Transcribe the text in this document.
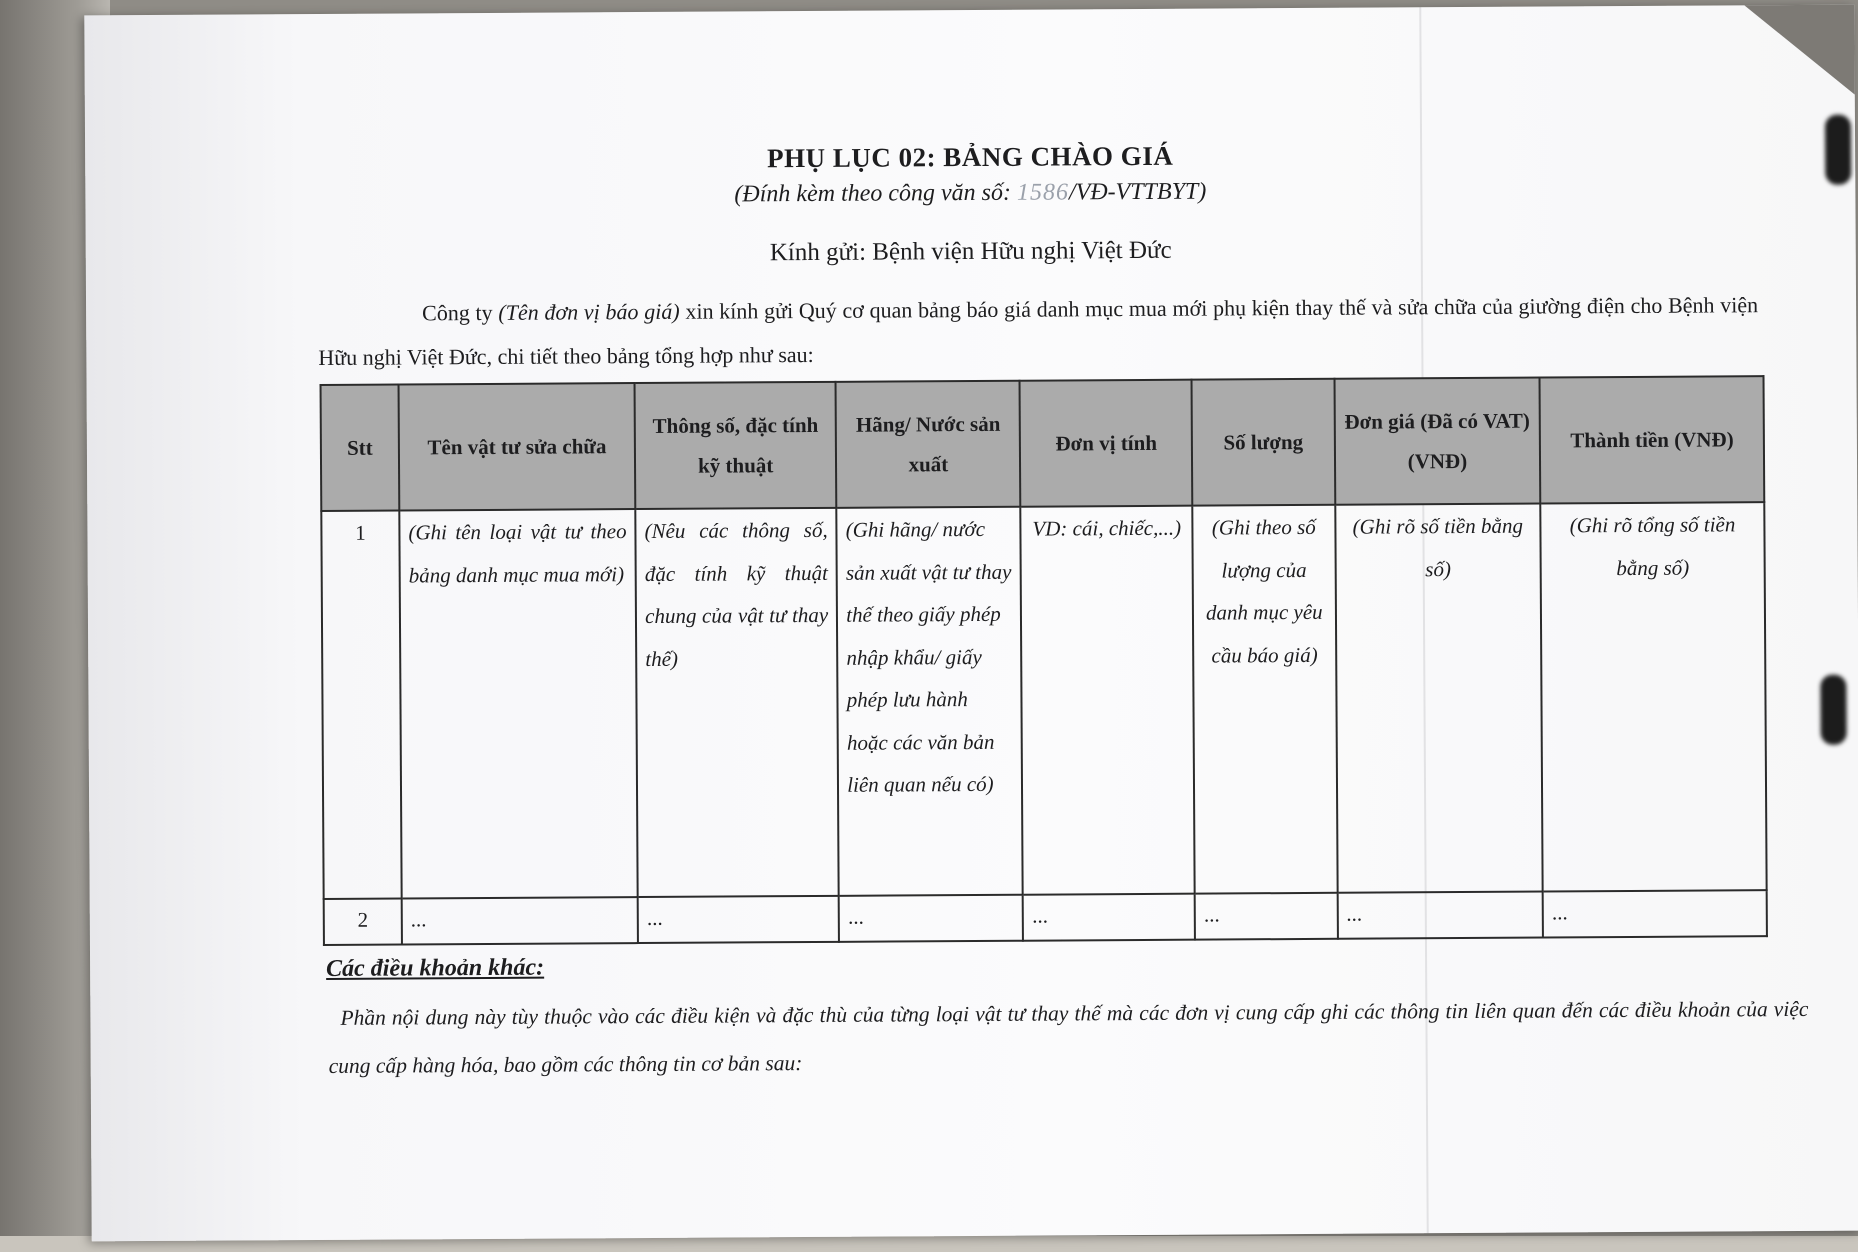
PHỤ LỤC 02: BẢNG CHÀO GIÁ
(Đính kèm theo công văn số: 1586/VĐ-VTTBYT)
Kính gửi: Bệnh viện Hữu nghị Việt Đức
Công ty (Tên đơn vị báo giá) xin kính gửi Quý cơ quan bảng báo giá danh mục mua mới phụ kiện thay thế và sửa chữa của giường điện cho Bệnh viện Hữu nghị Việt Đức, chi tiết theo bảng tổng hợp như sau:
Stt	Tên vật tư sửa chữa	Thông số, đặc tính kỹ thuật	Hãng/ Nước sản xuất	Đơn vị tính	Số lượng	Đơn giá (Đã có VAT) (VNĐ)	Thành tiền (VNĐ)
1	(Ghi tên loại vật tư theo bảng danh mục mua mới)	(Nêu các thông số, đặc tính kỹ thuật chung của vật tư thay thế)	(Ghi hãng/ nước sản xuất vật tư thay thế theo giấy phép nhập khẩu/ giấy phép lưu hành hoặc các văn bản liên quan nếu có)	VD: cái, chiếc,...)	(Ghi theo số lượng của danh mục yêu cầu báo giá)	(Ghi rõ số tiền bằng số)	(Ghi rõ tổng số tiền bằng số)
2	...	...	...	...	...	...	...
Các điều khoản khác:
Phần nội dung này tùy thuộc vào các điều kiện và đặc thù của từng loại vật tư thay thế mà các đơn vị cung cấp ghi các thông tin liên quan đến các điều khoản của việc cung cấp hàng hóa, bao gồm các thông tin cơ bản sau:
